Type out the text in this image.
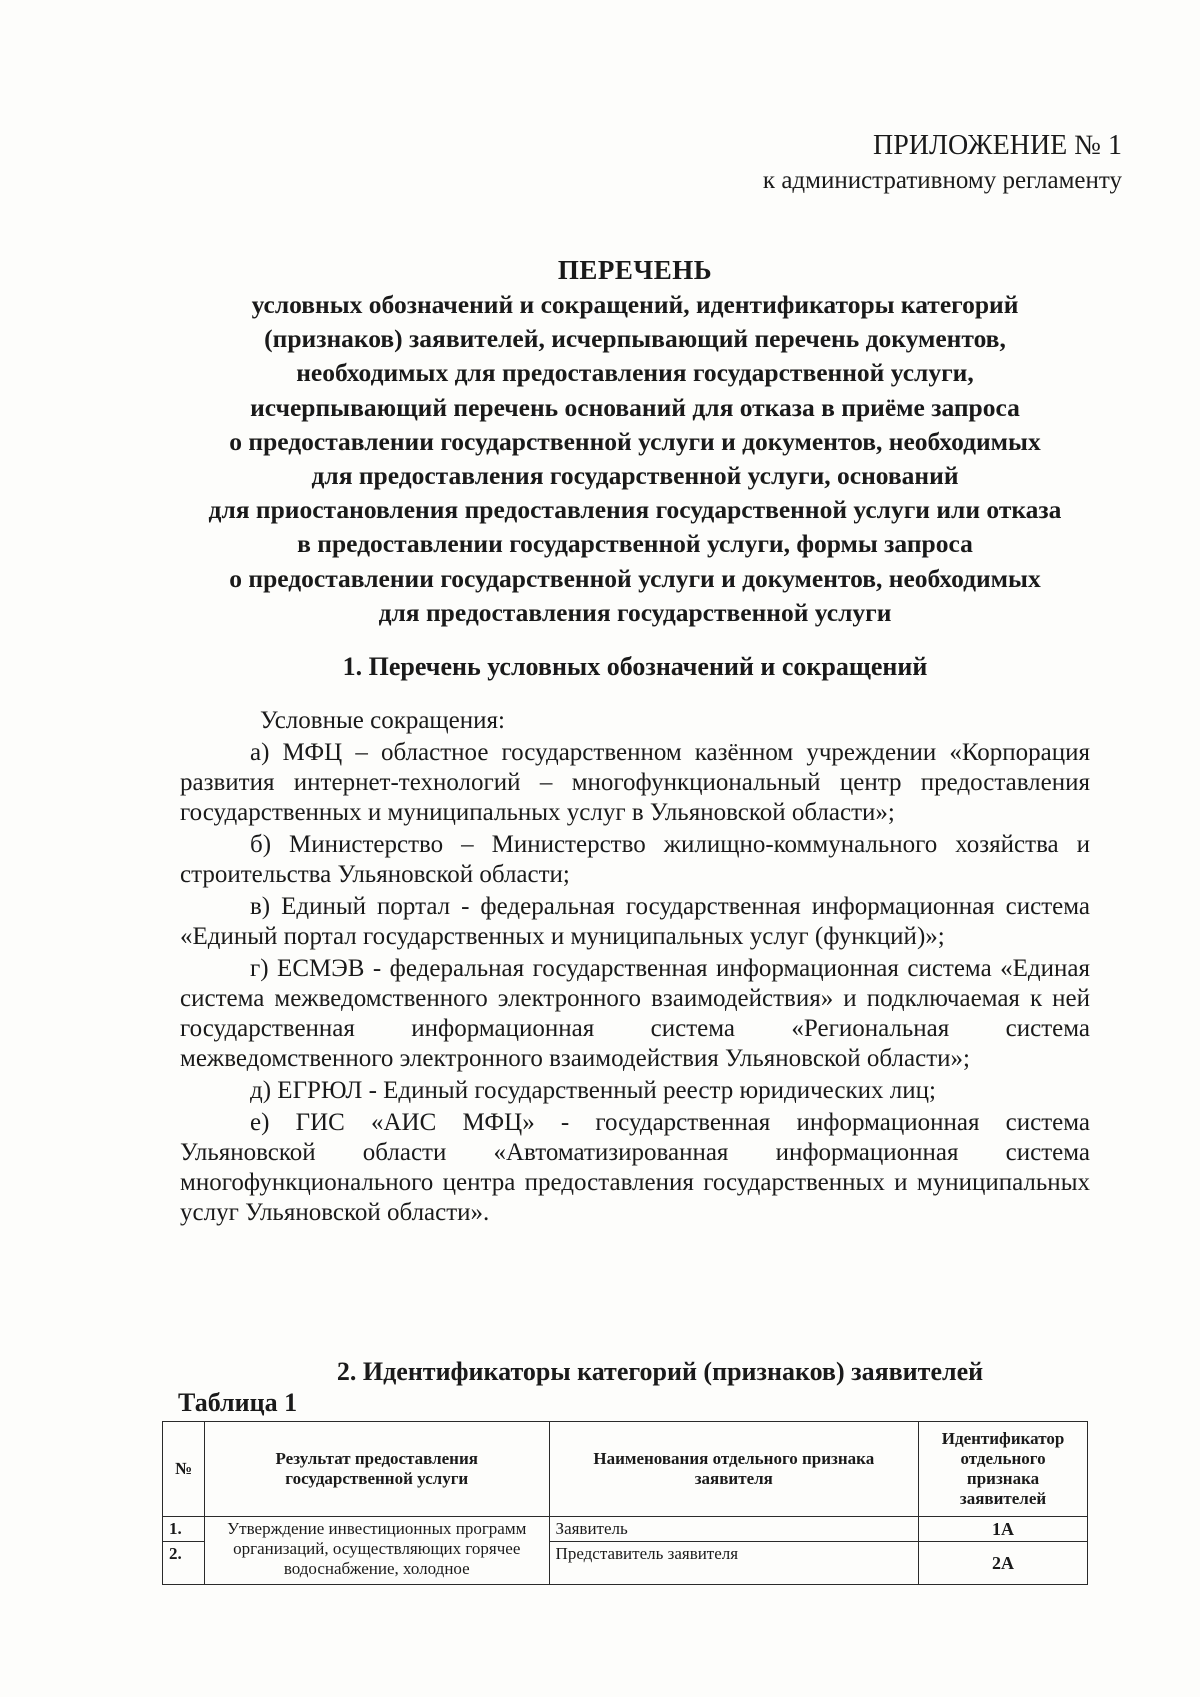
ПРИЛОЖЕНИЕ № 1
к административному регламенту
ПЕРЕЧЕНЬ
условных обозначений и сокращений, идентификаторы категорий
(признаков) заявителей, исчерпывающий перечень документов,
необходимых для предоставления государственной услуги,
исчерпывающий перечень оснований для отказа в приёме запроса
о предоставлении государственной услуги и документов, необходимых
для предоставления государственной услуги, оснований
для приостановления предоставления государственной услуги или отказа
в предоставлении государственной услуги, формы запроса
о предоставлении государственной услуги и документов, необходимых
для предоставления государственной услуги
1. Перечень условных обозначений и сокращений

Условные сокращения:

а) МФЦ – областное государственном казённом учреждении «Корпорация развития интернет-технологий – многофункциональный центр предоставления государственных и муниципальных услуг в Ульяновской области»;

б) Министерство – Министерство жилищно-коммунального хозяйства и строительства Ульяновской области;

в) Единый портал - федеральная государственная информационная система «Единый портал государственных и муниципальных услуг (функций)»;

г) ЕСМЭВ - федеральная государственная информационная система «Единая система межведомственного электронного взаимодействия» и подключаемая к ней государственная информационная система «Региональная система межведомственного электронного взаимодействия Ульяновской области»;

д) ЕГРЮЛ - Единый государственный реестр юридических лиц;

е) ГИС «АИС МФЦ» - государственная информационная система Ульяновской области «Автоматизированная информационная система многофункционального центра предоставления государственных и муниципальных услуг Ульяновской области».

2. Идентификаторы категорий (признаков) заявителей
Таблица 1
№	Результат предоставления государственной услуги	Наименования отдельного признака заявителя	Идентификатор отдельного признака заявителей
1.	Утверждение инвестиционных программ организаций, осуществляющих горячее водоснабжение, холодное	Заявитель	1А
2.		Представитель заявителя	2А
